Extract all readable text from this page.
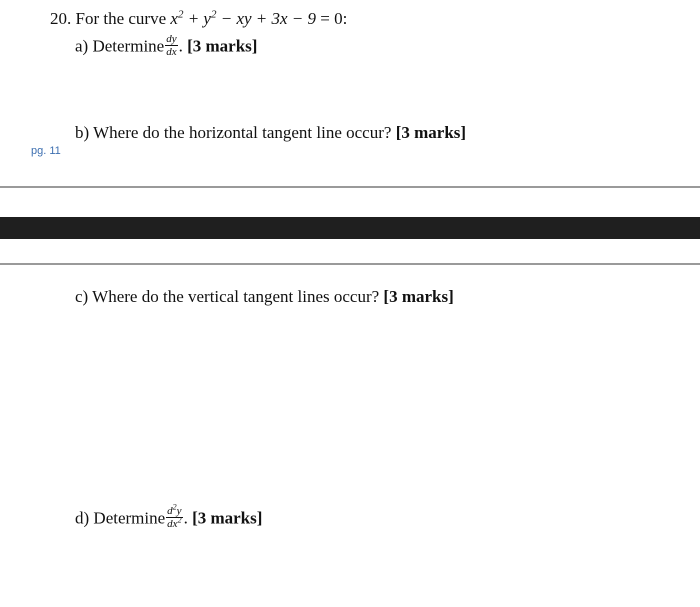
20. For the curve $x^2 + y^2$ − xy + 3x − 9 = 0:
a) Determine $\frac{dy}{dx}$ . [3 marks]
b) Where do the horizontal tangent line occur? [3 marks]
pg. 11
c) Where do the vertical tangent lines occur? [3 marks]
d) Determine $\frac{d^2y}{dx^2}$ . [3 marks]
